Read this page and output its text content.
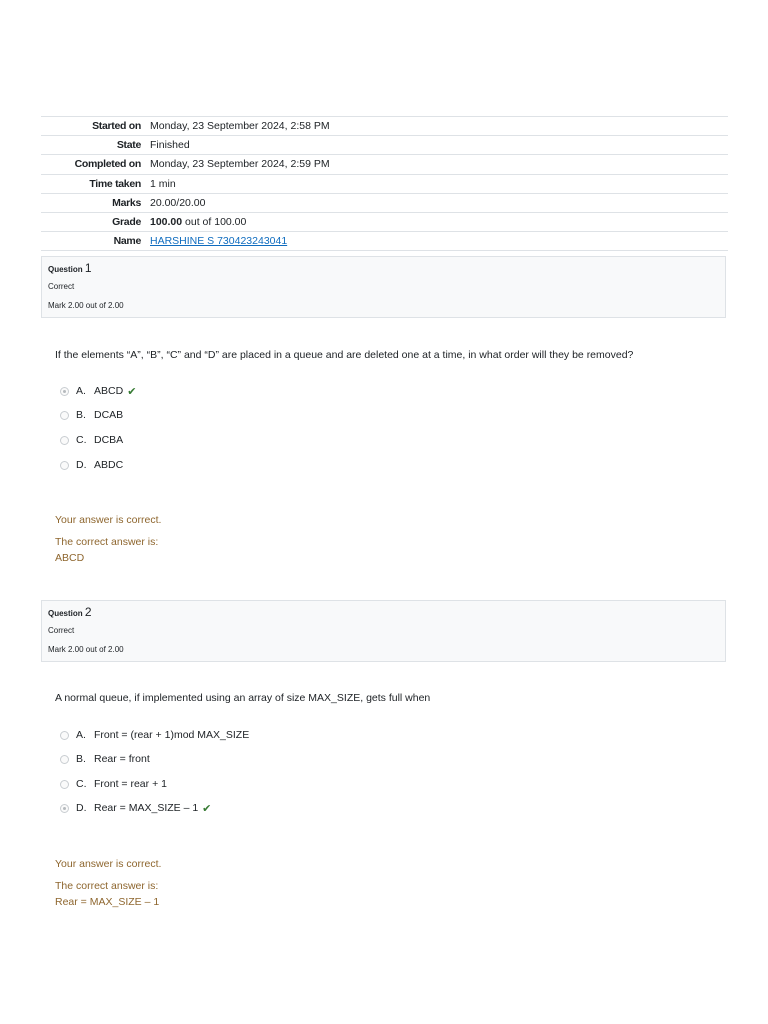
Started on	Monday, 23 September 2024, 2:58 PM
State	Finished
Completed on	Monday, 23 September 2024, 2:59 PM
Time taken	1 min
Marks	20.00/20.00
Grade	100.00 out of 100.00
Name	HARSHINE S 730423243041
Question 1
Correct
Mark 2.00 out of 2.00
If the elements “A”, “B”, “C” and “D” are placed in a queue and are deleted one at a time, in what order will they be removed?
A. ABCD ✔
B. DCAB
C. DCBA
D. ABDC
Your answer is correct.
The correct answer is:
ABCD
Question 2
Correct
Mark 2.00 out of 2.00
A normal queue, if implemented using an array of size MAX_SIZE, gets full when
A. Front = (rear + 1)mod MAX_SIZE
B. Rear = front
C. Front = rear + 1
D. Rear = MAX_SIZE – 1 ✔
Your answer is correct.
The correct answer is:
Rear = MAX_SIZE – 1
